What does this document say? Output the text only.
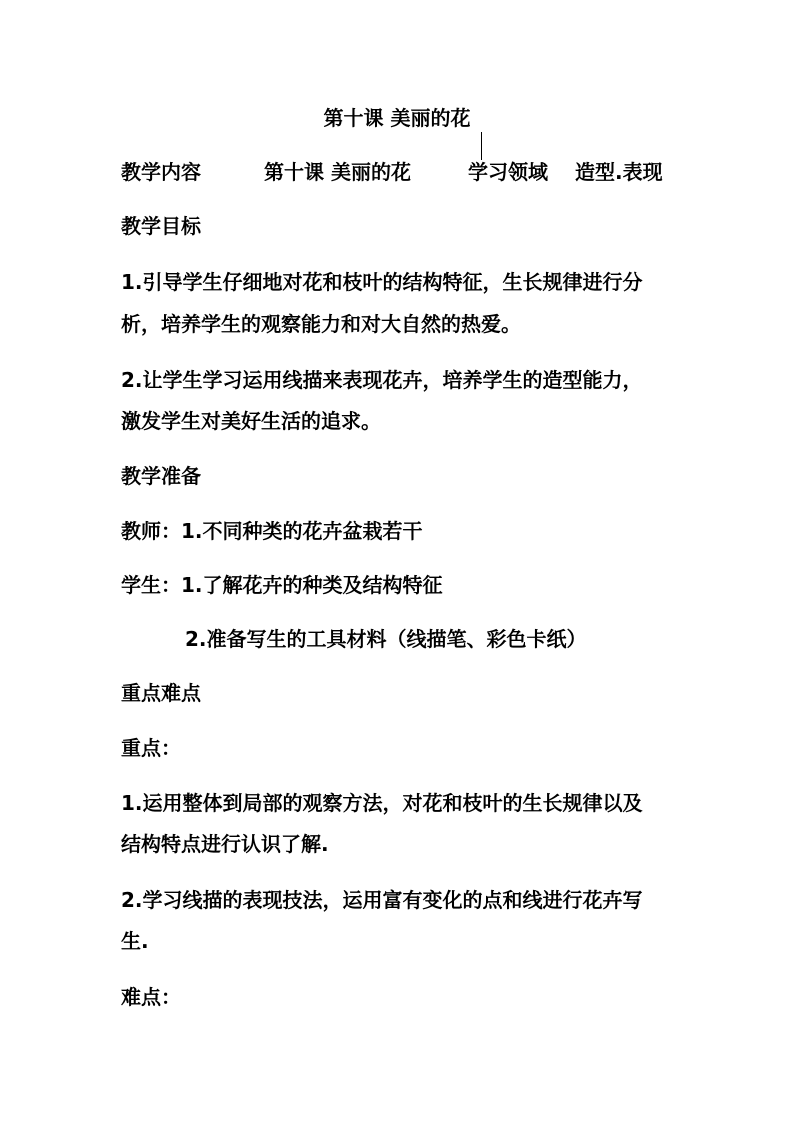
第十课 美丽的花
教学内容	第十课 美丽的花	学习领域 造型.表现
教学目标
1.引导学生仔细地对花和枝叶的结构特征，生长规律进行分
析，培养学生的观察能力和对大自然的热爱。
2.让学生学习运用线描来表现花卉，培养学生的造型能力，
激发学生对美好生活的追求。
教学准备
教师：1.不同种类的花卉盆栽若干
学生：1.了解花卉的种类及结构特征
2.准备写生的工具材料（线描笔、彩色卡纸）
重点难点
重点：
1.运用整体到局部的观察方法，对花和枝叶的生长规律以及
结构特点进行认识了解.
2.学习线描的表现技法，运用富有变化的点和线进行花卉写
生.
难点：
